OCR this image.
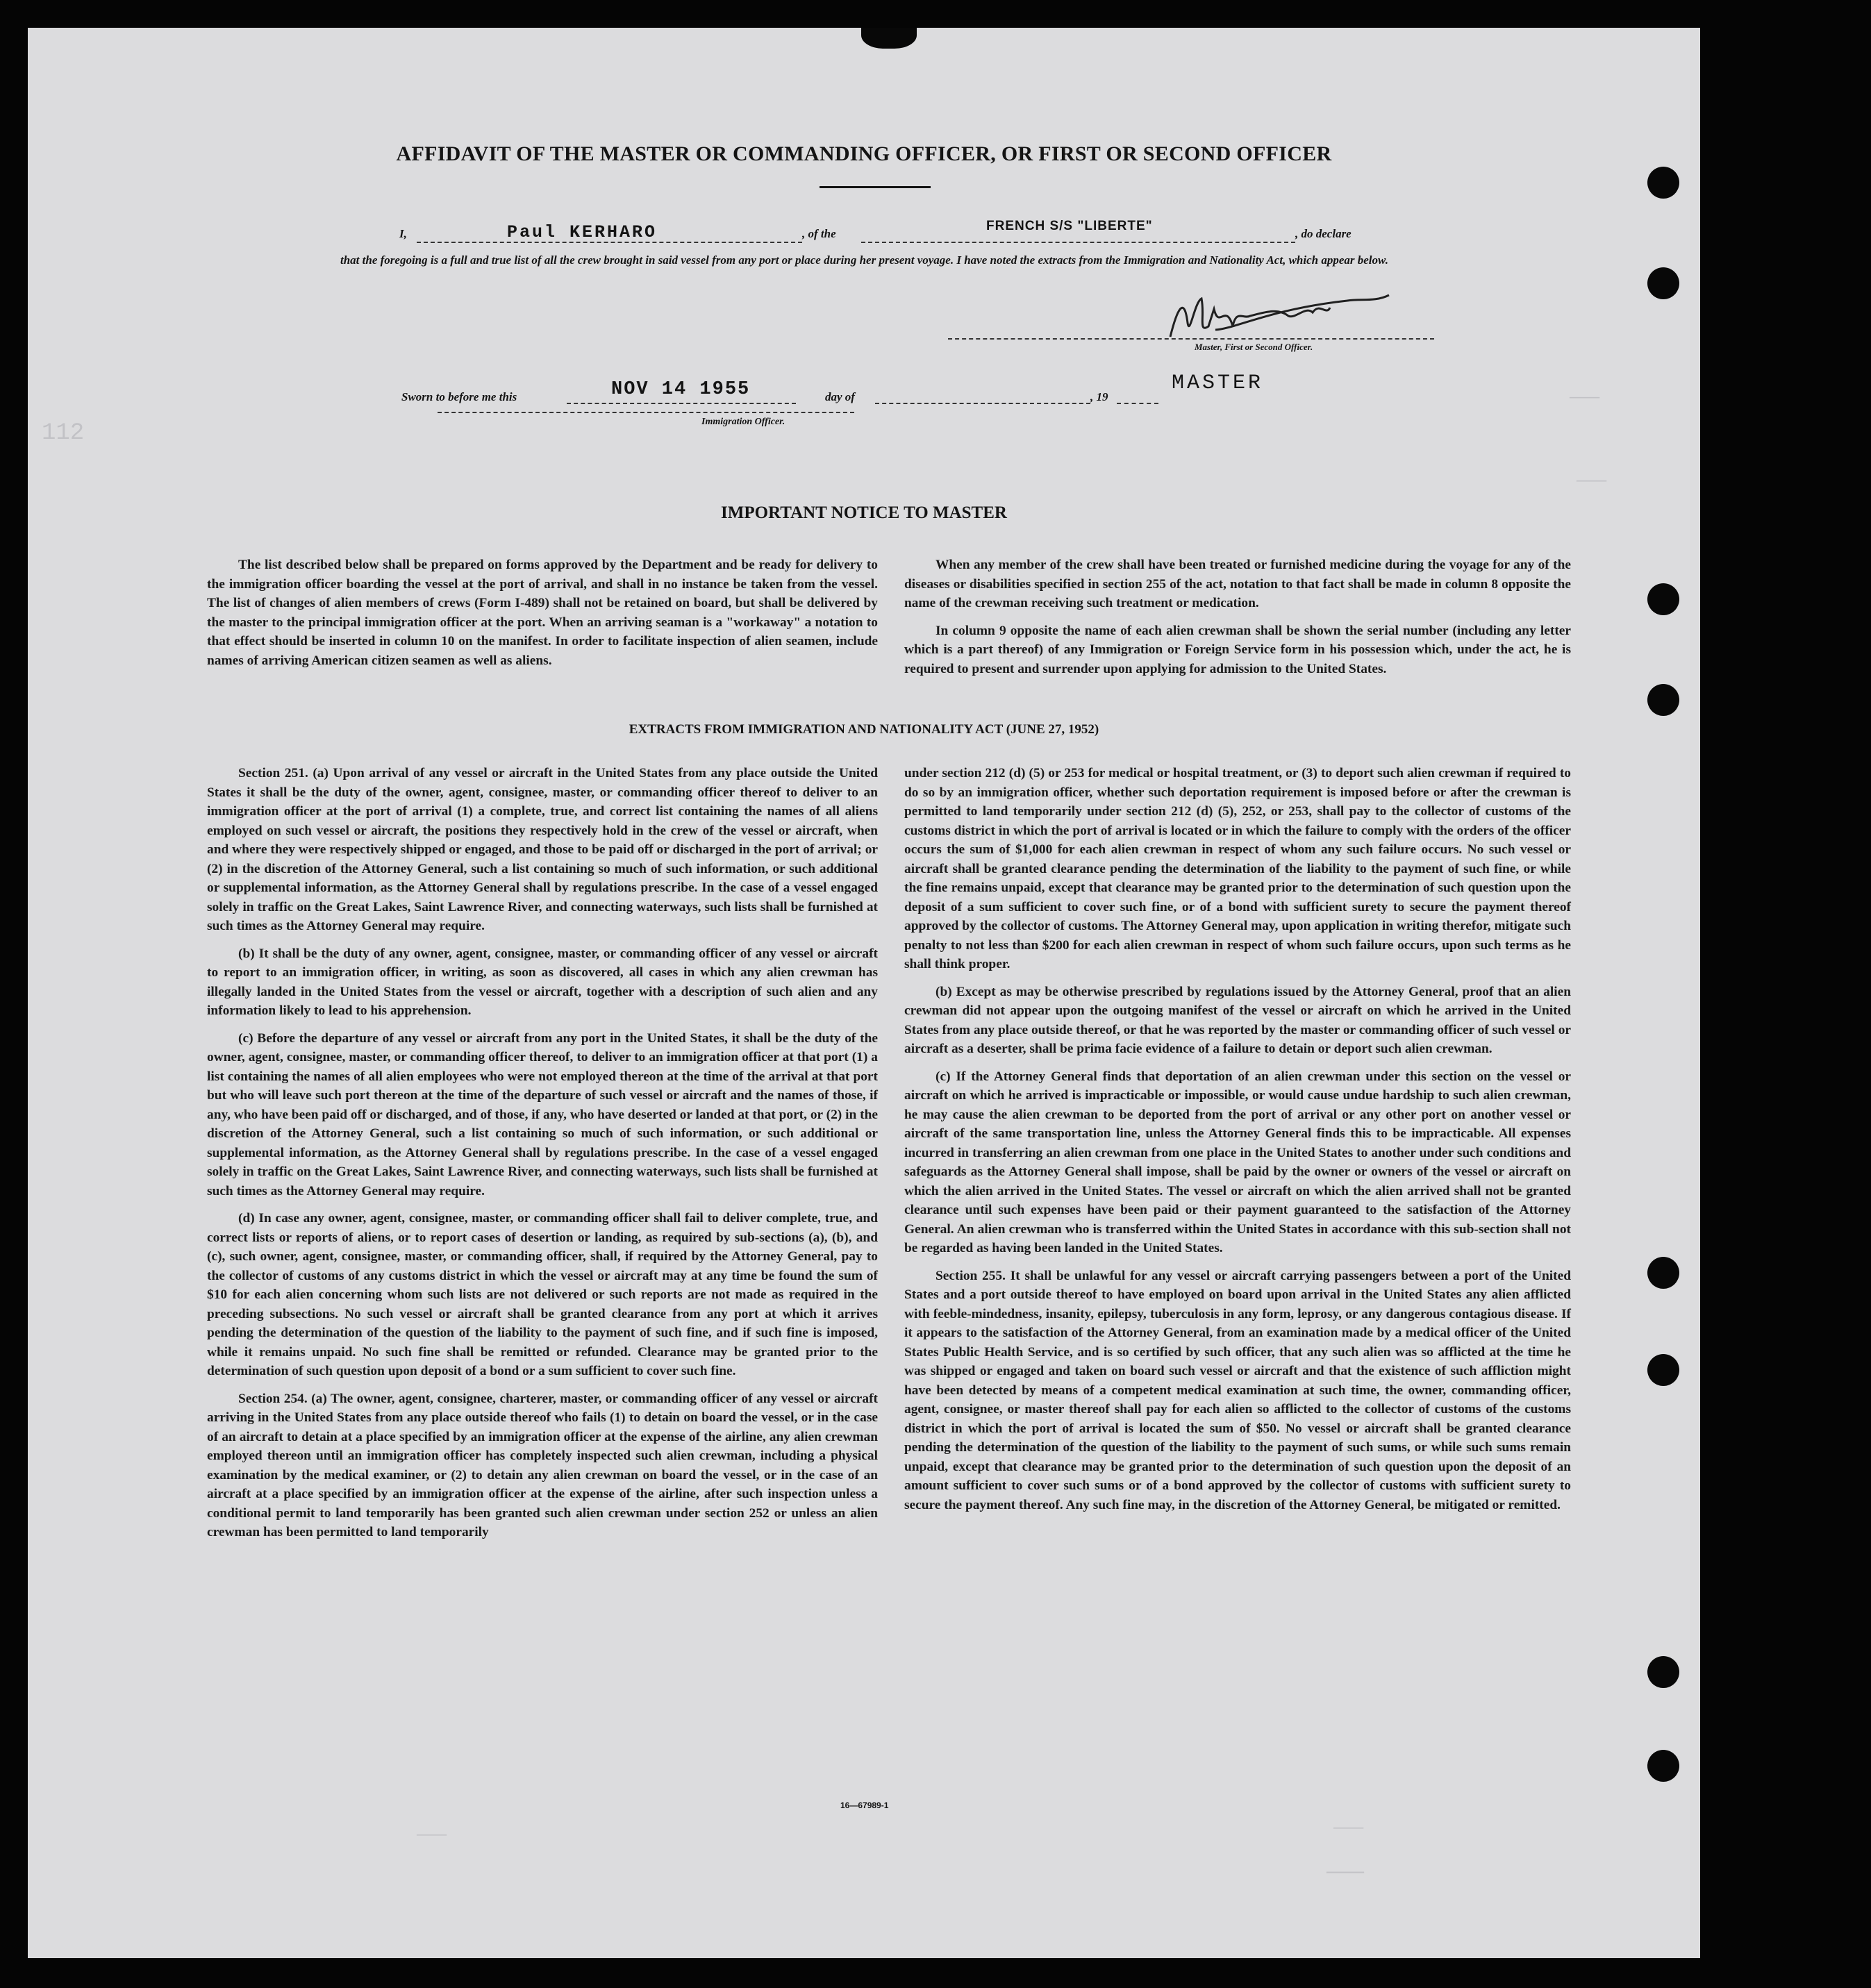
112
———
———
———	———
———
AFFIDAVIT OF THE MASTER OR COMMANDING OFFICER, OR FIRST OR SECOND OFFICER
I,	Paul KERHARO	, of the
FRENCH S/S "LIBERTE"
, do declare
that the foregoing is a full and true list of all the crew brought in said vessel from any port or place during her present voyage. I have noted the extracts from the Immigration and Nationality Act, which appear below.
Master, First or Second Officer.
Sworn to before me this	NOV 14 1955	day of	, 19
MASTER
Immigration Officer.
IMPORTANT NOTICE TO MASTER

The list described below shall be prepared on forms approved by the Department and be ready for delivery to the immigration officer boarding the vessel at the port of arrival, and shall in no instance be taken from the vessel. The list of changes of alien members of crews (Form I-489) shall not be retained on board, but shall be delivered by the master to the principal immigration officer at the port. When an arriving seaman is a "workaway" a notation to that effect should be inserted in column 10 on the manifest. In order to facilitate inspection of alien seamen, include names of arriving American citizen seamen as well as aliens.

When any member of the crew shall have been treated or furnished medicine during the voyage for any of the diseases or disabilities specified in section 255 of the act, notation to that fact shall be made in column 8 opposite the name of the crewman receiving such treatment or medication.

In column 9 opposite the name of each alien crewman shall be shown the serial number (including any letter which is a part thereof) of any Immigration or Foreign Service form in his possession which, under the act, he is required to present and surrender upon applying for admission to the United States.

EXTRACTS FROM IMMIGRATION AND NATIONALITY ACT (JUNE 27, 1952)

Section 251. (a) Upon arrival of any vessel or aircraft in the United States from any place outside the United States it shall be the duty of the owner, agent, consignee, master, or commanding officer thereof to deliver to an immigration officer at the port of arrival (1) a complete, true, and correct list containing the names of all aliens employed on such vessel or aircraft, the positions they respectively hold in the crew of the vessel or aircraft, when and where they were respectively shipped or engaged, and those to be paid off or discharged in the port of arrival; or (2) in the discretion of the Attorney General, such a list containing so much of such information, or such additional or supplemental information, as the Attorney General shall by regulations prescribe. In the case of a vessel engaged solely in traffic on the Great Lakes, Saint Lawrence River, and connecting waterways, such lists shall be furnished at such times as the Attorney General may require.

(b) It shall be the duty of any owner, agent, consignee, master, or commanding officer of any vessel or aircraft to report to an immigration officer, in writing, as soon as discovered, all cases in which any alien crewman has illegally landed in the United States from the vessel or aircraft, together with a description of such alien and any information likely to lead to his apprehension.

(c) Before the departure of any vessel or aircraft from any port in the United States, it shall be the duty of the owner, agent, consignee, master, or commanding officer thereof, to deliver to an immigration officer at that port (1) a list containing the names of all alien employees who were not employed thereon at the time of the arrival at that port but who will leave such port thereon at the time of the departure of such vessel or aircraft and the names of those, if any, who have been paid off or discharged, and of those, if any, who have deserted or landed at that port, or (2) in the discretion of the Attorney General, such a list containing so much of such information, or such additional or supplemental information, as the Attorney General shall by regulations prescribe. In the case of a vessel engaged solely in traffic on the Great Lakes, Saint Lawrence River, and connecting waterways, such lists shall be furnished at such times as the Attorney General may require.

(d) In case any owner, agent, consignee, master, or commanding officer shall fail to deliver complete, true, and correct lists or reports of aliens, or to report cases of desertion or landing, as required by sub-sections (a), (b), and (c), such owner, agent, consignee, master, or commanding officer, shall, if required by the Attorney General, pay to the collector of customs of any customs district in which the vessel or aircraft may at any time be found the sum of $10 for each alien concerning whom such lists are not delivered or such reports are not made as required in the preceding subsections. No such vessel or aircraft shall be granted clearance from any port at which it arrives pending the determination of the question of the liability to the payment of such fine, and if such fine is imposed, while it remains unpaid. No such fine shall be remitted or refunded. Clearance may be granted prior to the determination of such question upon deposit of a bond or a sum sufficient to cover such fine.

Section 254. (a) The owner, agent, consignee, charterer, master, or commanding officer of any vessel or aircraft arriving in the United States from any place outside thereof who fails (1) to detain on board the vessel, or in the case of an aircraft to detain at a place specified by an immigration officer at the expense of the airline, any alien crewman employed thereon until an immigration officer has completely inspected such alien crewman, including a physical examination by the medical examiner, or (2) to detain any alien crewman on board the vessel, or in the case of an aircraft at a place specified by an immigration officer at the expense of the airline, after such inspection unless a conditional permit to land temporarily has been granted such alien crewman under section 252 or unless an alien crewman has been permitted to land temporarily

under section 212 (d) (5) or 253 for medical or hospital treatment, or (3) to deport such alien crewman if required to do so by an immigration officer, whether such deportation requirement is imposed before or after the crewman is permitted to land temporarily under section 212 (d) (5), 252, or 253, shall pay to the collector of customs of the customs district in which the port of arrival is located or in which the failure to comply with the orders of the officer occurs the sum of $1,000 for each alien crewman in respect of whom any such failure occurs. No such vessel or aircraft shall be granted clearance pending the determination of the liability to the payment of such fine, or while the fine remains unpaid, except that clearance may be granted prior to the determination of such question upon the deposit of a sum sufficient to cover such fine, or of a bond with sufficient surety to secure the payment thereof approved by the collector of customs. The Attorney General may, upon application in writing therefor, mitigate such penalty to not less than $200 for each alien crewman in respect of whom such failure occurs, upon such terms as he shall think proper.

(b) Except as may be otherwise prescribed by regulations issued by the Attorney General, proof that an alien crewman did not appear upon the outgoing manifest of the vessel or aircraft on which he arrived in the United States from any place outside thereof, or that he was reported by the master or commanding officer of such vessel or aircraft as a deserter, shall be prima facie evidence of a failure to detain or deport such alien crewman.

(c) If the Attorney General finds that deportation of an alien crewman under this section on the vessel or aircraft on which he arrived is impracticable or impossible, or would cause undue hardship to such alien crewman, he may cause the alien crewman to be deported from the port of arrival or any other port on another vessel or aircraft of the same transportation line, unless the Attorney General finds this to be impracticable. All expenses incurred in transferring an alien crewman from one place in the United States to another under such conditions and safeguards as the Attorney General shall impose, shall be paid by the owner or owners of the vessel or aircraft on which the alien arrived in the United States. The vessel or aircraft on which the alien arrived shall not be granted clearance until such expenses have been paid or their payment guaranteed to the satisfaction of the Attorney General. An alien crewman who is transferred within the United States in accordance with this sub-section shall not be regarded as having been landed in the United States.

Section 255. It shall be unlawful for any vessel or aircraft carrying passengers between a port of the United States and a port outside thereof to have employed on board upon arrival in the United States any alien afflicted with feeble-mindedness, insanity, epilepsy, tuberculosis in any form, leprosy, or any dangerous contagious disease. If it appears to the satisfaction of the Attorney General, from an examination made by a medical officer of the United States Public Health Service, and is so certified by such officer, that any such alien was so afflicted at the time he was shipped or engaged and taken on board such vessel or aircraft and that the existence of such affliction might have been detected by means of a competent medical examination at such time, the owner, commanding officer, agent, consignee, or master thereof shall pay for each alien so afflicted to the collector of customs of the customs district in which the port of arrival is located the sum of $50. No vessel or aircraft shall be granted clearance pending the determination of the question of the liability to the payment of such sums, or while such sums remain unpaid, except that clearance may be granted prior to the determination of such question upon the deposit of an amount sufficient to cover such sums or of a bond approved by the collector of customs with sufficient surety to secure the payment thereof. Any such fine may, in the discretion of the Attorney General, be mitigated or remitted.

16—67989-1
